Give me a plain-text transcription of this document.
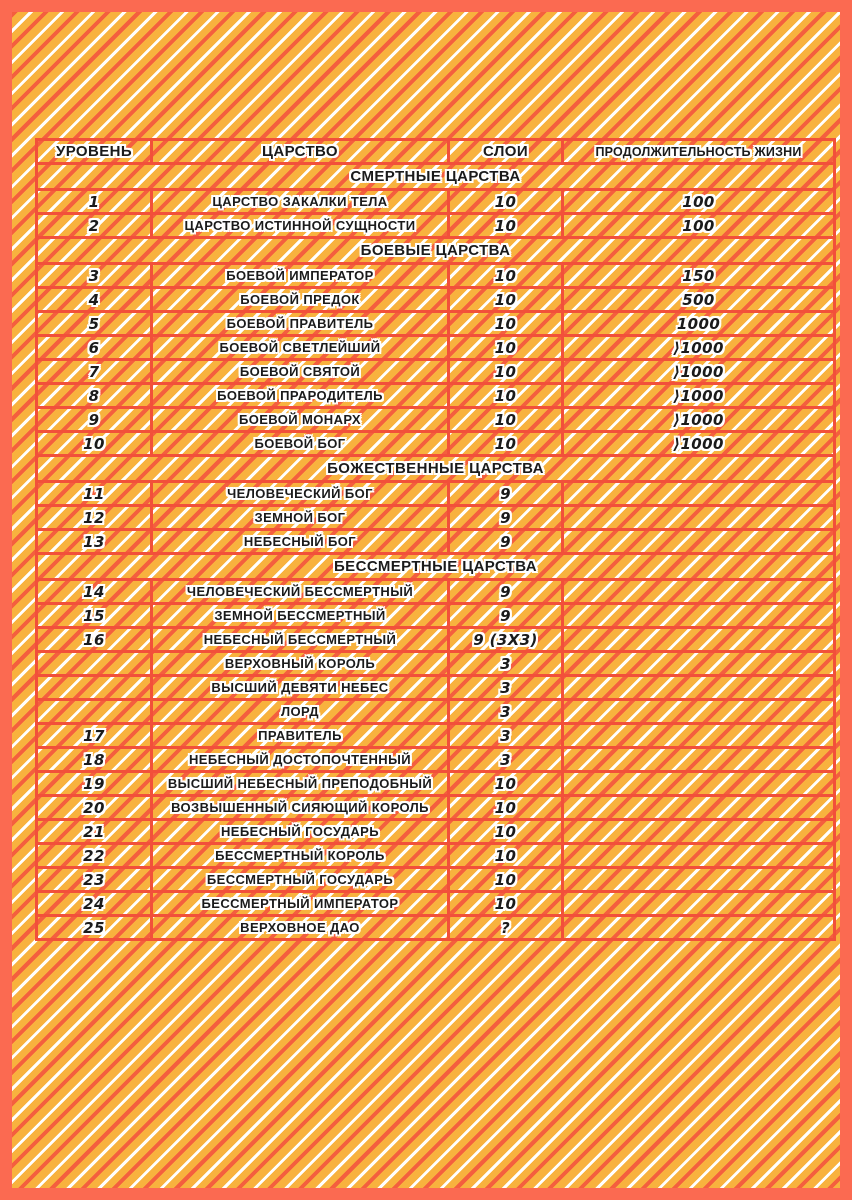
УРОВЕНЬ	ЦАРСТВО	СЛОИ	ПРОДОЛЖИТЕЛЬНОСТЬ ЖИЗНИ
СМЕРТНЫЕ ЦАРСТВА			
1	ЦАРСТВО ЗАКАЛКИ ТЕЛА	10	100
2	ЦАРСТВО ИСТИННОЙ СУЩНОСТИ	10	100
БОЕВЫЕ ЦАРСТВА			
3	БОЕВОЙ ИМПЕРАТОР	10	150
4	БОЕВОЙ ПРЕДОК	10	500
5	БОЕВОЙ ПРАВИТЕЛЬ	10	1000
6	БОЕВОЙ СВЕТЛЕЙШИЙ	10	⟩1000
7	БОЕВОЙ СВЯТОЙ	10	⟩1000
8	БОЕВОЙ ПРАРОДИТЕЛЬ	10	⟩1000
9	БОЕВОЙ МОНАРХ	10	⟩1000
10	БОЕВОЙ БОГ	10	⟩1000
БОЖЕСТВЕННЫЕ ЦАРСТВА			
11	ЧЕЛОВЕЧЕСКИЙ БОГ	9	
12	ЗЕМНОЙ БОГ	9	
13	НЕБЕСНЫЙ БОГ	9	
БЕССМЕРТНЫЕ ЦАРСТВА			
14	ЧЕЛОВЕЧЕСКИЙ БЕССМЕРТНЫЙ	9	
15	ЗЕМНОЙ БЕССМЕРТНЫЙ	9	
16	НЕБЕСНЫЙ БЕССМЕРТНЫЙ	9 (3X3)	
	ВЕРХОВНЫЙ КОРОЛЬ	3	
	ВЫСШИЙ ДЕВЯТИ НЕБЕС	3	
	ЛОРД	3	
17	ПРАВИТЕЛЬ	3	
18	НЕБЕСНЫЙ ДОСТОПОЧТЕННЫЙ	3	
19	ВЫСШИЙ НЕБЕСНЫЙ ПРЕПОДОБНЫЙ	10	
20	ВОЗВЫШЕННЫЙ СИЯЮЩИЙ КОРОЛЬ	10	
21	НЕБЕСНЫЙ ГОСУДАРЬ	10	
22	БЕССМЕРТНЫЙ КОРОЛЬ	10	
23	БЕССМЕРТНЫЙ ГОСУДАРЬ	10	
24	БЕССМЕРТНЫЙ ИМПЕРАТОР	10	
25	ВЕРХОВНОЕ ДАО	?	
